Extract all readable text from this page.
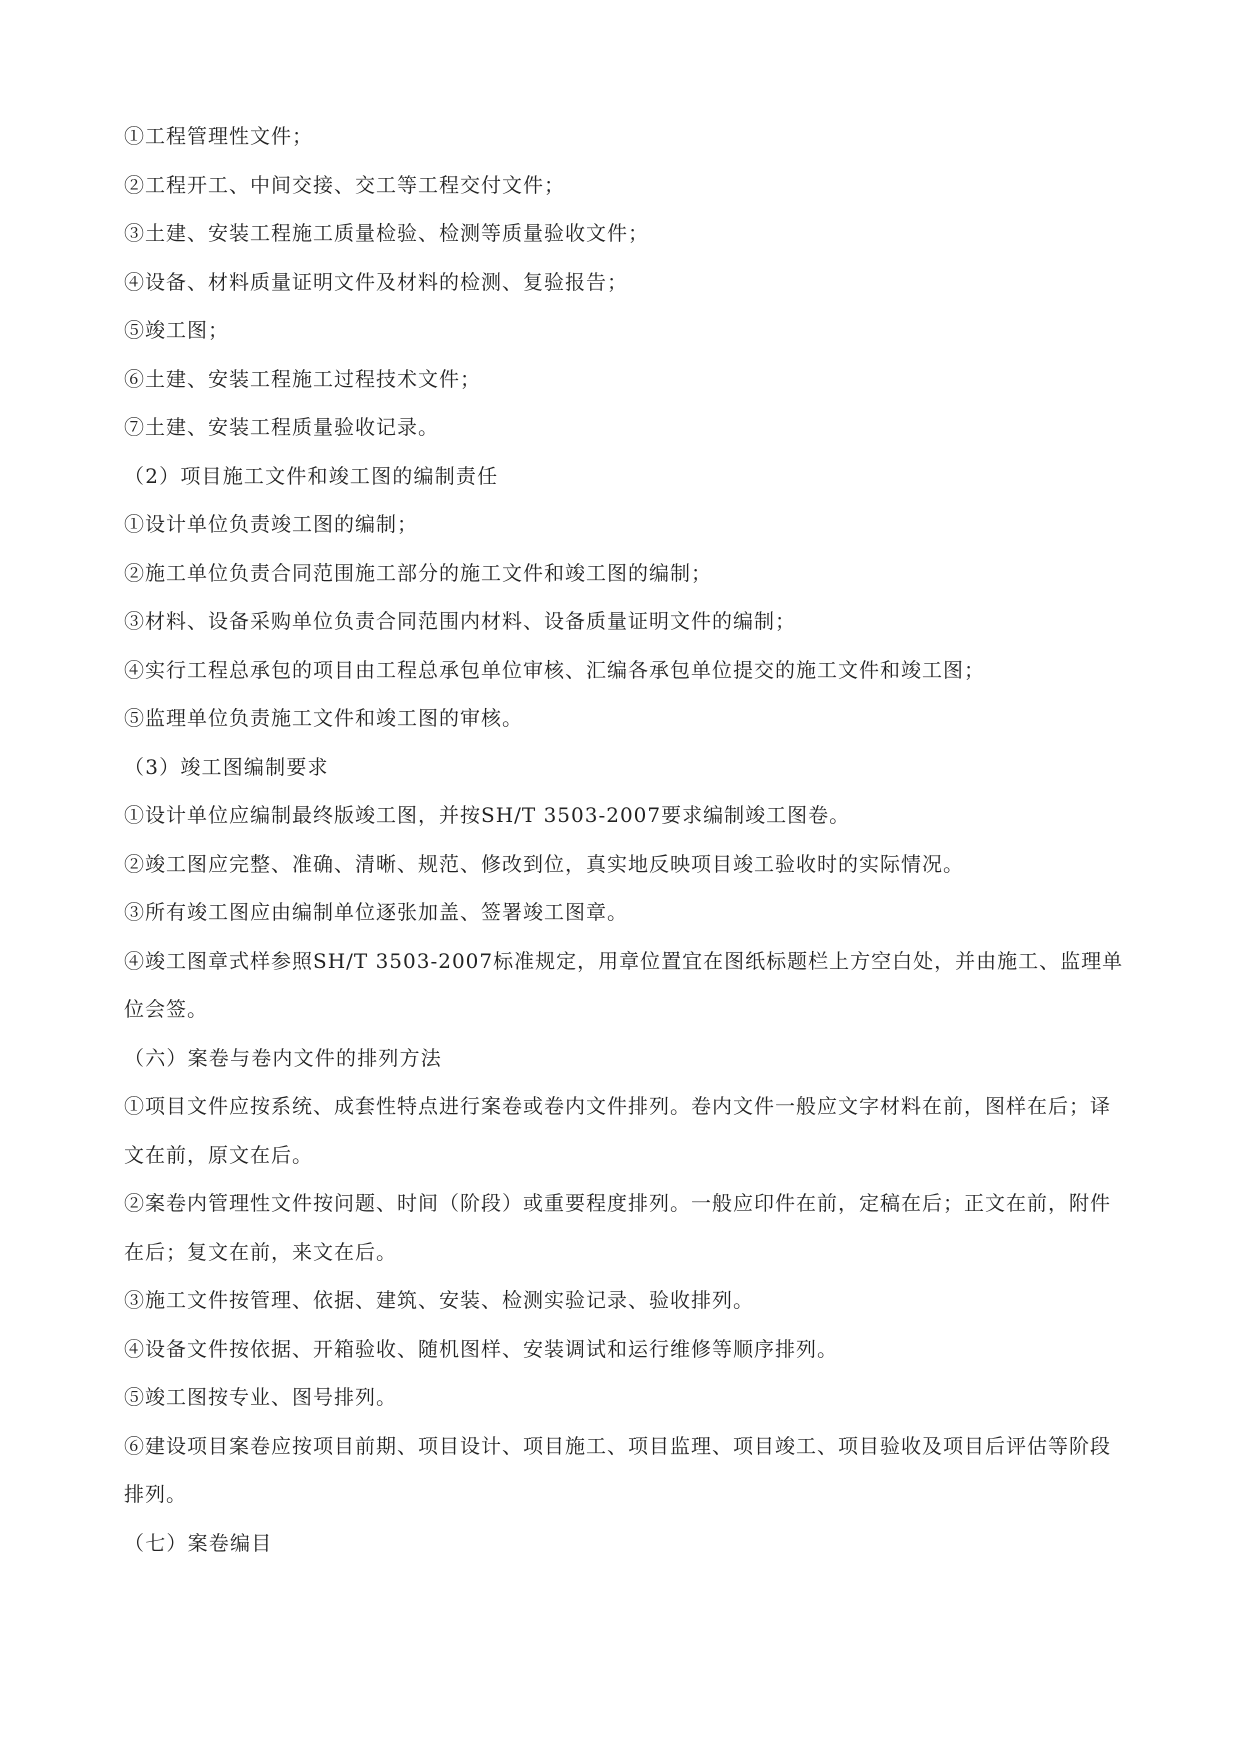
①工程管理性文件；

②工程开工、中间交接、交工等工程交付文件；

③土建、安装工程施工质量检验、检测等质量验收文件；

④设备、材料质量证明文件及材料的检测、复验报告；

⑤竣工图；

⑥土建、安装工程施工过程技术文件；

⑦土建、安装工程质量验收记录。

（2）项目施工文件和竣工图的编制责任

①设计单位负责竣工图的编制；

②施工单位负责合同范围施工部分的施工文件和竣工图的编制；

③材料、设备采购单位负责合同范围内材料、设备质量证明文件的编制；

④实行工程总承包的项目由工程总承包单位审核、汇编各承包单位提交的施工文件和竣工图；

⑤监理单位负责施工文件和竣工图的审核。

（3）竣工图编制要求

①设计单位应编制最终版竣工图，并按SH/T 3503-2007要求编制竣工图卷。

②竣工图应完整、准确、清晰、规范、修改到位，真实地反映项目竣工验收时的实际情况。

③所有竣工图应由编制单位逐张加盖、签署竣工图章。

④竣工图章式样参照SH/T 3503-2007标准规定，用章位置宜在图纸标题栏上方空白处，并由施工、监理单

位会签。

（六）案卷与卷内文件的排列方法

①项目文件应按系统、成套性特点进行案卷或卷内文件排列。卷内文件一般应文字材料在前，图样在后；译

文在前，原文在后。

②案卷内管理性文件按问题、时间（阶段）或重要程度排列。一般应印件在前，定稿在后；正文在前，附件

在后；复文在前，来文在后。

③施工文件按管理、依据、建筑、安装、检测实验记录、验收排列。

④设备文件按依据、开箱验收、随机图样、安装调试和运行维修等顺序排列。

⑤竣工图按专业、图号排列。

⑥建设项目案卷应按项目前期、项目设计、项目施工、项目监理、项目竣工、项目验收及项目后评估等阶段

排列。

（七）案卷编目
